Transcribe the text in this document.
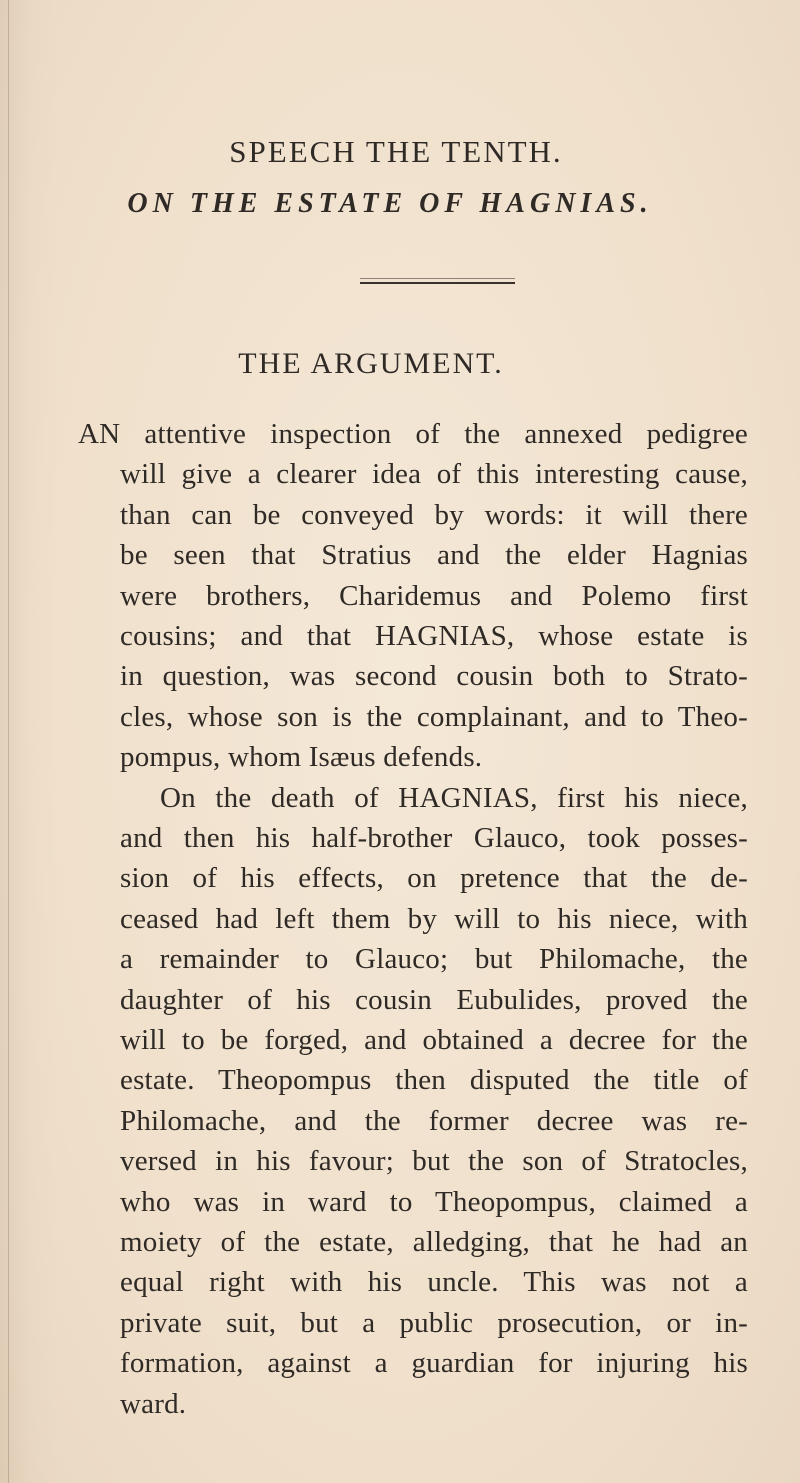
SPEECH THE TENTH.
ON THE ESTATE OF HAGNIAS.
THE ARGUMENT.

AN attentive inspection of the annexed pedigree

will give a clearer idea of this interesting cause,

than can be conveyed by words: it will there

be seen that Stratius and the elder Hagnias

were brothers, Charidemus and Polemo first

cousins; and that HAGNIAS, whose estate is

in question, was second cousin both to Strato-

cles, whose son is the complainant, and to Theo-

pompus, whom Isæus defends.

On the death of HAGNIAS, first his niece,

and then his half-brother Glauco, took posses-

sion of his effects, on pretence that the de-

ceased had left them by will to his niece, with

a remainder to Glauco; but Philomache, the

daughter of his cousin Eubulides, proved the

will to be forged, and obtained a decree for the

estate. Theopompus then disputed the title of

Philomache, and the former decree was re-

versed in his favour; but the son of Stratocles,

who was in ward to Theopompus, claimed a

moiety of the estate, alledging, that he had an

equal right with his uncle. This was not a

private suit, but a public prosecution, or in-

formation, against a guardian for injuring his

ward.
